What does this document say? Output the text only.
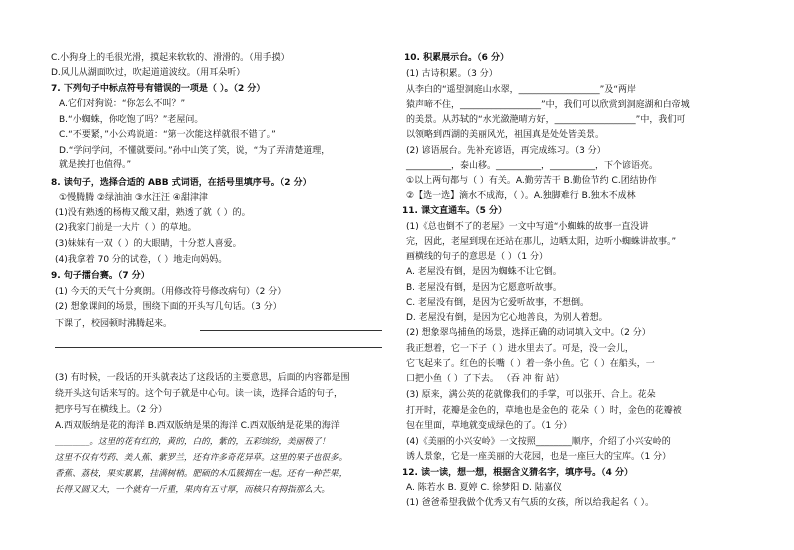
C.小狗身上的毛很光滑，摸起来软软的、滑滑的。（用手摸）
D.风儿从湖面吹过，吹起道道波纹。（用耳朵听）
7. 下列句子中标点符号有错误的一项是（ ）。（2 分）
A.它们对狗说：“你怎么不叫？”
B.“小蜘蛛，你吃饱了吗？”老屋问。
C.“不要紧，”小公鸡说道：“第一次能这样就很不错了。”
D.“学问学问，不懂就要问。”孙中山笑了笑，说，“为了弄清楚道理，
就是挨打也值得。”
8. 读句子，选择合适的 ABB 式词语，在括号里填序号。（2 分）
①慢腾腾 ②绿油油 ③水汪汪 ④甜津津
(1)没有熟透的杨梅又酸又甜，熟透了就（ ）的。
(2)我家门前是一大片（ ）的草地。
(3)妹妹有一双（ ）的大眼睛，十分惹人喜爱。
(4)我拿着 70 分的试卷，（ ）地走向妈妈。
9. 句子擂台赛。（7 分）
(1) 今天的天气十分爽朗。（用修改符号修改病句）（2 分）
(2) 想象课间的场景，围绕下面的开头写几句话。（3 分）
下课了，校园顿时沸腾起来。
(3) 有时候，一段话的开头就表达了这段话的主要意思，后面的内容都是围
绕开头这句话来写的。这个句子就是中心句。读一读，选择合适的句子，
把序号写在横线上。（2 分）
A.西双版纳是花的海洋 B.西双版纳是果的海洋 C.西双版纳是花果的海洋
________。这里的花有红的，黄的，白的，紫的，五彩缤纷，美丽极了！
这里不仅有芍药、美人蕉、紫罗兰，还有许多奇花异草。这里的果子也很多。
香蕉、荔枝，果实累累，挂满树梢。肥硕的木瓜簇拥在一起。还有一种芒果，
长得又圆又大，一个就有一斤重，果肉有五寸厚，而核只有拇指那么大。
10. 积累展示台。（6 分）
(1) 古诗积累。（3 分）
从李白的“遥望洞庭山水翠，__________________”及“两岸
猿声啼不住，__________________”中，我们可以欣赏到洞庭湖和白帝城
的美景。从苏轼的“水光潋滟晴方好，__________________”中，我们可
以领略到西湖的美丽风光，祖国真是处处皆美景。
(2) 谚语展台。先补充谚语，再完成练习。（3 分）
__________，泰山移。__________，__________，下个谚语亮。
①以上两句都与（ ）有关。A.勤劳苦干 B.勤俭节约 C.团结协作
②【选一选】滴水不成海，（ ）。A.独脚难行 B.独木不成林
11. 课文直通车。（5 分）
(1)《总也倒不了的老屋》一文中写道“小蜘蛛的故事一直没讲
完，因此，老屋到现在还站在那儿，边晒太阳，边听小蜘蛛讲故事。”
画横线的句子的意思是（ ）（1 分）
A. 老屋没有倒，是因为蜘蛛不让它倒。
B. 老屋没有倒，是因为它愿意听故事。
C. 老屋没有倒，是因为它爱听故事，不想倒。
D. 老屋没有倒，是因为它心地善良，为别人着想。
(2) 想象翠鸟捕鱼的场景，选择正确的动词填入文中。（2 分）
我正想着，它一下子（ ）进水里去了。可是，没一会儿，
它飞起来了。红色的长嘴（ ）着一条小鱼。它（ ）在船头，一
口把小鱼（ ）了下去。 （吞 冲 衔 站）
(3) 原来，满公英的花就像我们的手掌，可以张开、合上。花朵
打开时，花瓣是金色的，草地也是金色的 花朵（ ）时，金色的花瓣被
包在里面，草地就变成绿色的了。（1 分）
(4)《美丽的小兴安岭》一文按照________顺序，介绍了小兴安岭的
诱人景象，它是一座美丽的大花园，也是一座巨大的宝库。（1 分）
12. 读一读，想一想，根据含义猜名字，填序号。（4 分）
A. 陈若水 B. 夏婷 C. 徐梦阳 D. 陆嘉仪
(1) 爸爸希望我做个优秀又有气质的女孩，所以给我起名（ ）。
